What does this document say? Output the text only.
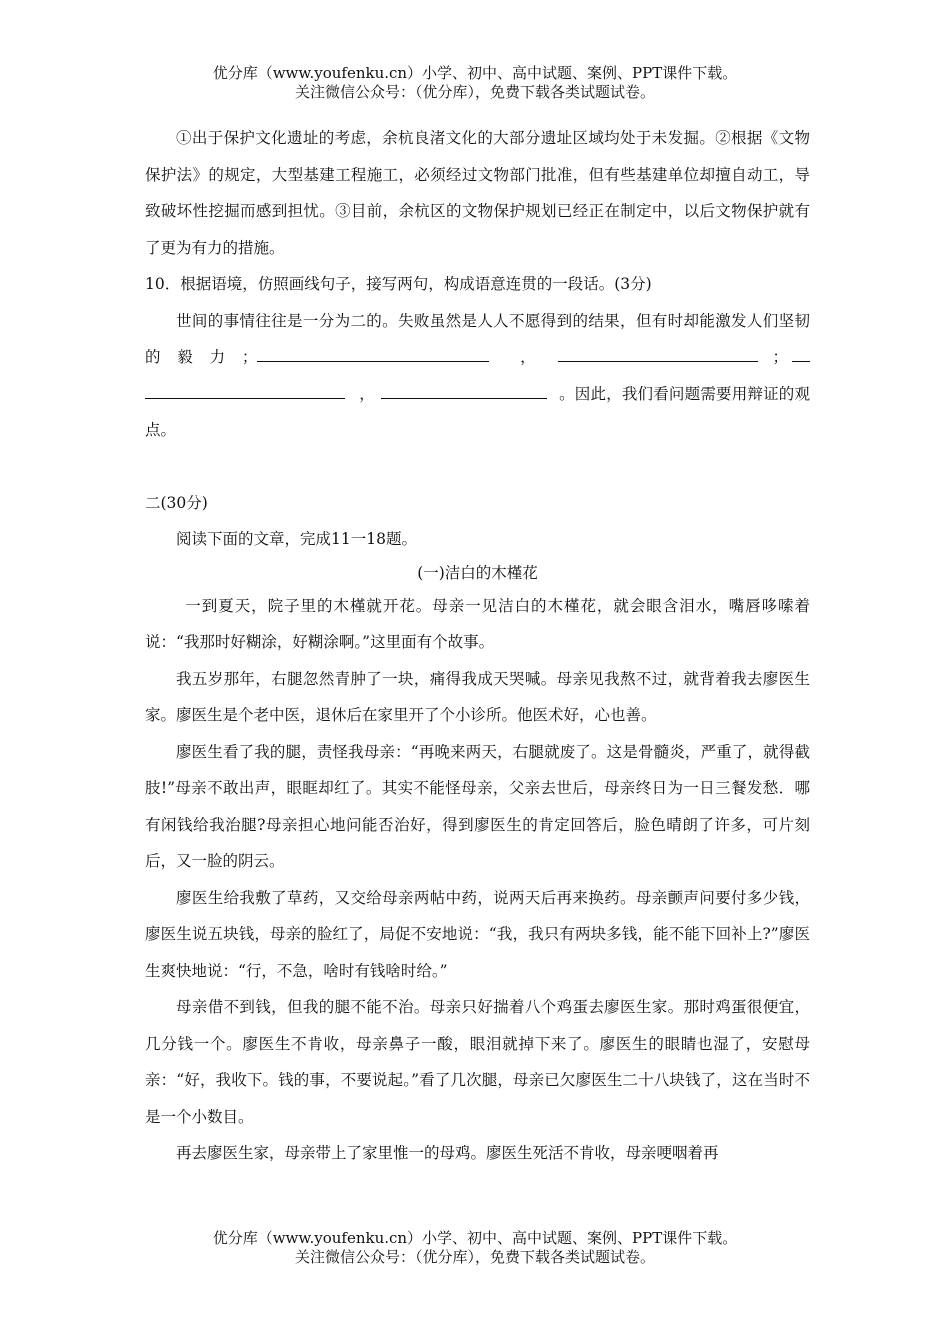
优分库（www.youfenku.cn）小学、初中、高中试题、案例、PPT课件下载。
关注微信公众号：（优分库），免费下载各类试题试卷。

①出于保护文化遗址的考虑，余杭良渚文化的大部分遗址区域均处于未发掘。②根据《文物保护法》的规定，大型基建工程施工，必须经过文物部门批准，但有些基建单位却擅自动工，导致破坏性挖掘而感到担忧。③目前，余杭区的文物保护规划已经正在制定中，以后文物保护就有了更为有力的措施。

10．根据语境，仿照画线句子，接写两句，构成语意连贯的一段话。(3分)

世间的事情往往是一分为二的。失败虽然是人人不愿得到的结果，但有时却能激发人们坚韧的毅力；	，	；，	。因此，我们看问题需要用辩证的观点。

二(30分)

阅读下面的文章，完成11一18题。

(一)洁白的木槿花

一到夏天，院子里的木槿就开花。母亲一见洁白的木槿花，就会眼含泪水，嘴唇哆嗦着说：“我那时好糊涂，好糊涂啊。”这里面有个故事。

我五岁那年，右腿忽然青肿了一块，痛得我成天哭喊。母亲见我熬不过，就背着我去廖医生家。廖医生是个老中医，退休后在家里开了个小诊所。他医术好，心也善。

廖医生看了我的腿，责怪我母亲：“再晚来两天，右腿就废了。这是骨髓炎，严重了，就得截肢!”母亲不敢出声，眼眶却红了。其实不能怪母亲，父亲去世后，母亲终日为一日三餐发愁．哪有闲钱给我治腿?母亲担心地问能否治好，得到廖医生的肯定回答后，脸色晴朗了许多，可片刻后，又一脸的阴云。

廖医生给我敷了草药，又交给母亲两帖中药，说两天后再来换药。母亲颤声问要付多少钱，廖医生说五块钱，母亲的脸红了，局促不安地说：“我，我只有两块多钱，能不能下回补上?”廖医生爽快地说：“行，不急，啥时有钱啥时给。”

母亲借不到钱，但我的腿不能不治。母亲只好揣着八个鸡蛋去廖医生家。那时鸡蛋很便宜，几分钱一个。廖医生不肯收，母亲鼻子一酸，眼泪就掉下来了。廖医生的眼睛也湿了，安慰母亲：“好，我收下。钱的事，不要说起。”看了几次腿，母亲已欠廖医生二十八块钱了，这在当时不是一个小数目。

再去廖医生家，母亲带上了家里惟一的母鸡。廖医生死活不肯收，母亲哽咽着再

优分库（www.youfenku.cn）小学、初中、高中试题、案例、PPT课件下载。
关注微信公众号：（优分库），免费下载各类试题试卷。
